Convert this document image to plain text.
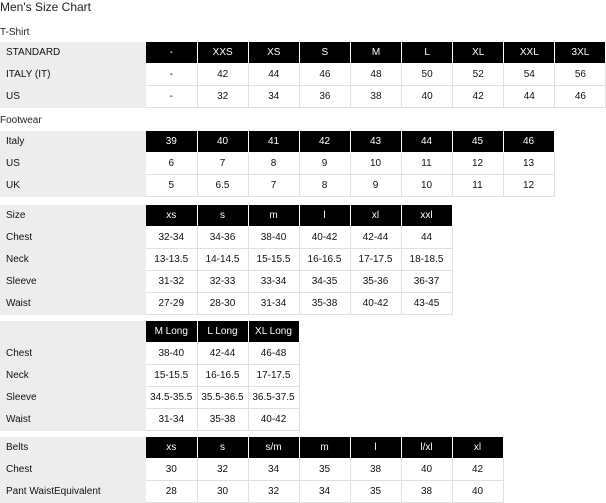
Men's Size Chart
T-Shirt
STANDARD	-	XXS	XS	S	M	L	XL	XXL	3XL
ITALY (IT)	-	42	44	46	48	50	52	54	56
US	-	32	34	36	38	40	42	44	46
Footwear
Italy	39	40	41	42	43	44	45	46
US	6	7	8	9	10	11	12	13
UK	5	6.5	7	8	9	10	11	12
Size	xs	s	m	l	xl	xxl
Chest	32-34	34-36	38-40	40-42	42-44	44
Neck	13-13.5	14-14.5	15-15.5	16-16.5	17-17.5	18-18.5
Sleeve	31-32	32-33	33-34	34-35	35-36	36-37
Waist	27-29	28-30	31-34	35-38	40-42	43-45
	M Long	L Long	XL Long
Chest	38-40	42-44	46-48
Neck	15-15.5	16-16.5	17-17.5
Sleeve	34.5-35.5	35.5-36.5	36.5-37.5
Waist	31-34	35-38	40-42
Belts	xs	s	s/m	m	l	l/xl	xl
Chest	30	32	34	35	38	40	42
Pant WaistEquivalent	28	30	32	34	35	38	40
